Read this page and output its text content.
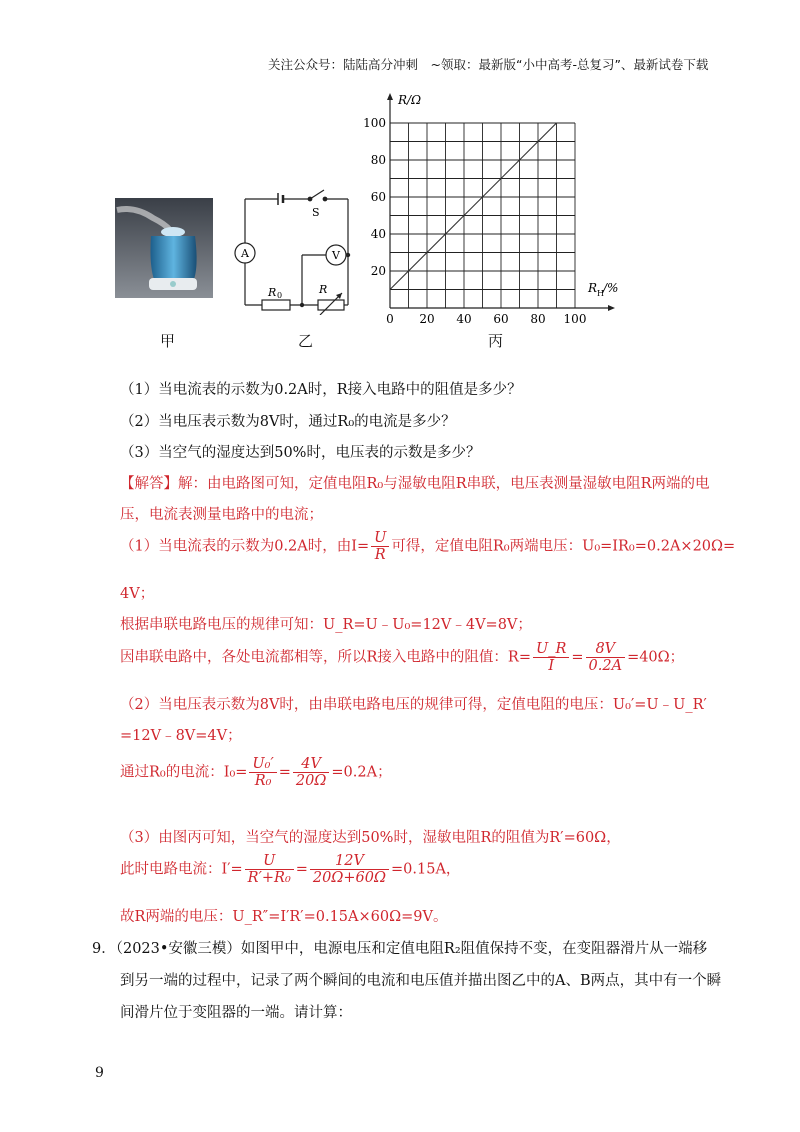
关注公众号：陆陆高分冲刺　~领取：最新版“小中高考-总复习”、最新试卷下载
甲
A	V
S
R 0	R
乙
0 20 40 60 80 100
20
40
60
80
100
R/Ω
R H /%
丙
（1）当电流表的示数为0.2A时，R接入电路中的阻值是多少？
（2）当电压表示数为8V时，通过R₀的电流是多少？
（3）当空气的湿度达到50%时，电压表的示数是多少？
【解答】解：由电路图可知，定值电阻R₀与湿敏电阻R串联，电压表测量湿敏电阻R两端的电
压，电流表测量电路中的电流；
（1）当电流表的示数为0.2A时，由$I= \frac{U}{R}$ 可得，定值电阻R₀两端电压：U₀=IR₀=0.2A×20Ω=
4V；
根据串联电路电压的规律可知：U_R=U﹣U₀=12V﹣4V=8V；
因串联电路中，各处电流都相等，所以R接入电路中的阻值：$R= \frac{U\_R}{I} = \frac{8V}{0.2A} =40\Omega$；
（2）当电压表示数为8V时，由串联电路电压的规律可得，定值电阻的电压：U₀′=U﹣U_R′
=12V﹣8V=4V；
通过R₀的电流：$I_0= \frac{\text{U₀′}}{\text{R₀}} = \frac{4V}{20\Omega} =0.2A$；
（3）由图丙可知，当空气的湿度达到50%时，湿敏电阻R的阻值为R′=60Ω，
此时电路电流：$I'= \frac{U}{\text{R′+R₀}} = \frac{12V}{20\Omega+60\Omega} =0.15A$，
故R两端的电压：U_R″=I′R′=0.15A×60Ω=9V。
9．（2023•安徽三模）如图甲中，电源电压和定值电阻R₂阻值保持不变，在变阻器滑片从一端移
到另一端的过程中，记录了两个瞬间的电流和电压值并描出图乙中的A、B两点，其中有一个瞬
间滑片位于变阻器的一端。请计算：
9
